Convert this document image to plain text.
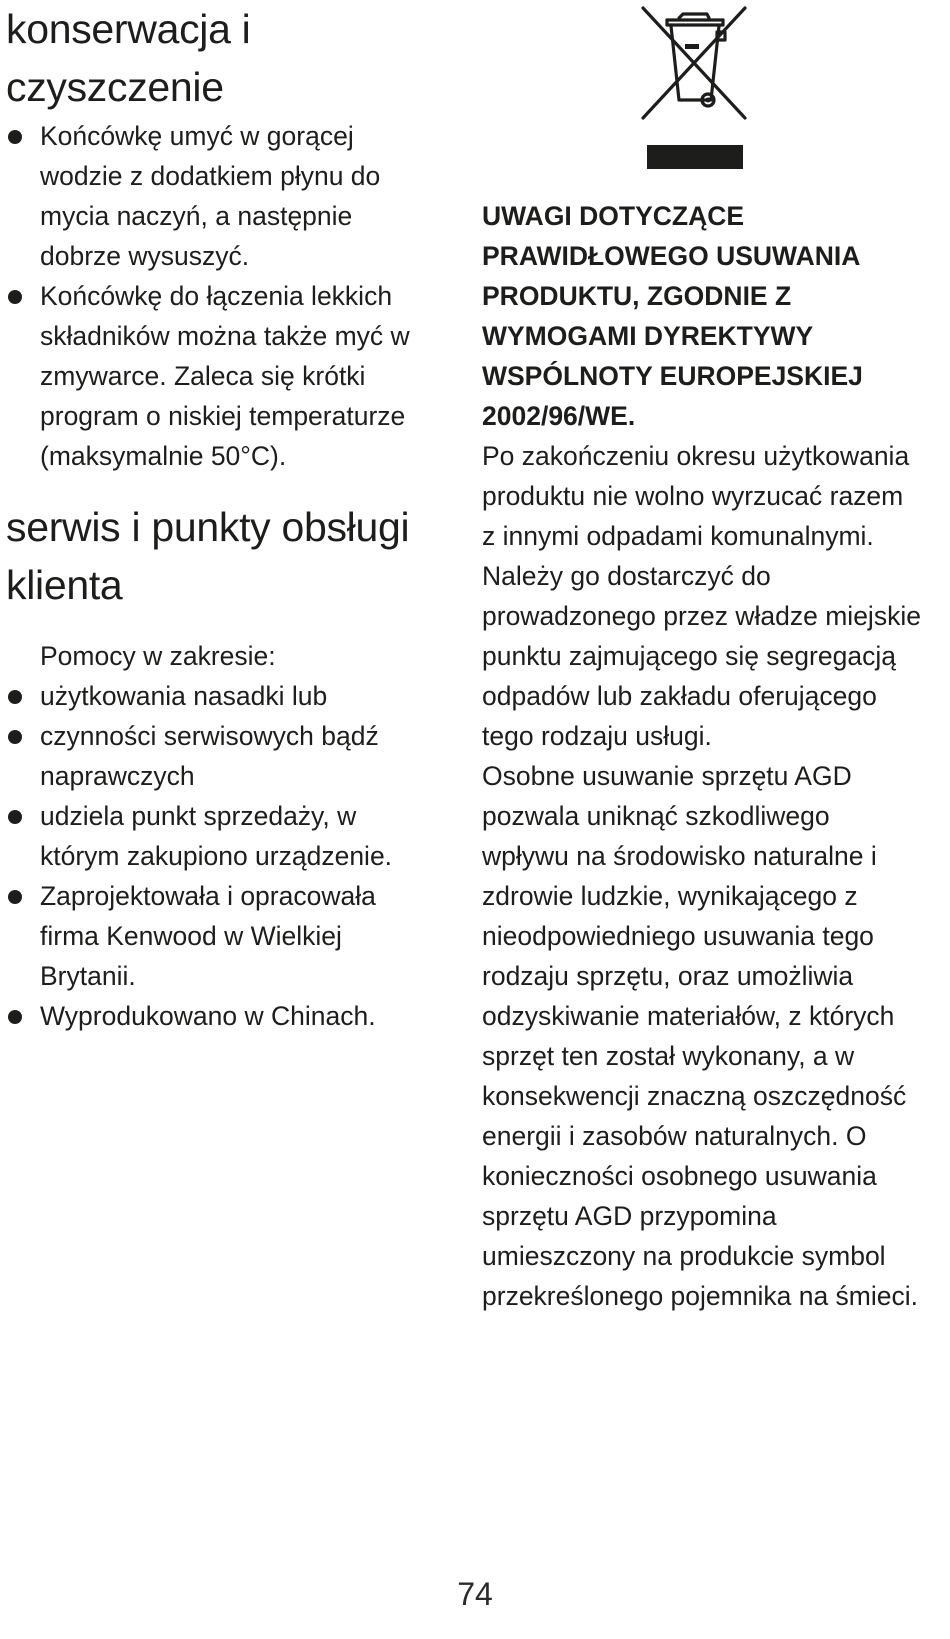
konserwacja i czyszczenie
Końcówkę umyć w gorącej wodzie z dodatkiem płynu do mycia naczyń, a następnie dobrze wysuszyć.
Końcówkę do łączenia lekkich składników można także myć w zmywarce. Zaleca się krótki program o niskiej temperaturze (maksymalnie 50°C).
serwis i punkty obsługi klienta
Pomocy w zakresie:
użytkowania nasadki lub
czynności serwisowych bądź naprawczych
udziela punkt sprzedaży, w którym zakupiono urządzenie.
Zaprojektowała i opracowała firma Kenwood w Wielkiej Brytanii.
Wyprodukowano w Chinach.

UWAGI DOTYCZĄCE PRAWIDŁOWEGO USUWANIA PRODUKTU, ZGODNIE Z WYMOGAMI DYREKTYWY WSPÓLNOTY EUROPEJSKIEJ 2002/96/WE.

Po zakończeniu okresu użytkowania produktu nie wolno wyrzucać razem z innymi odpadami komunalnymi.
Należy go dostarczyć do prowadzonego przez władze miejskie punktu zajmującego się segregacją odpadów lub zakładu oferującego tego rodzaju usługi.
Osobne usuwanie sprzętu AGD pozwala uniknąć szkodliwego wpływu na środowisko naturalne i zdrowie ludzkie, wynikającego z nieodpowiedniego usuwania tego rodzaju sprzętu, oraz umożliwia odzyskiwanie materiałów, z których sprzęt ten został wykonany, a w konsekwencji znaczną oszczędność energii i zasobów naturalnych. O konieczności osobnego usuwania sprzętu AGD przypomina umieszczony na produkcie symbol przekreślonego pojemnika na śmieci.
74
